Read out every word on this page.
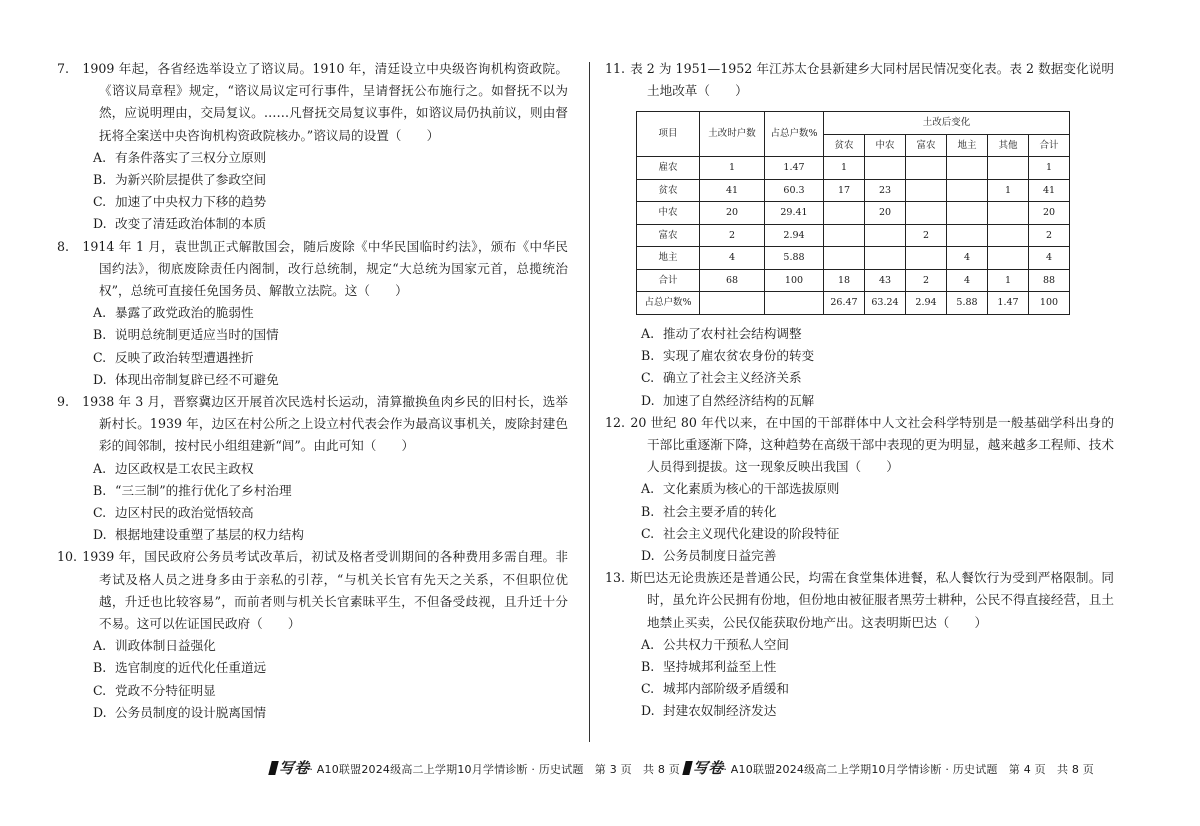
7. 1909 年起，各省经选举设立了谘议局。1910 年，清廷设立中央级咨询机构资政院。《谘议局章程》规定，“谘议局议定可行事件，呈请督抚公布施行之。如督抚不以为然，应说明理由，交局复议。……凡督抚交局复议事件，如谘议局仍执前议，则由督抚将全案送中央咨询机构资政院核办。”谘议局的设置（　　）

A. 有条件落实了三权分立原则

B. 为新兴阶层提供了参政空间

C. 加速了中央权力下移的趋势

D. 改变了清廷政治体制的本质

8. 1914 年 1 月，袁世凯正式解散国会，随后废除《中华民国临时约法》，颁布《中华民国约法》，彻底废除责任内阁制，改行总统制，规定“大总统为国家元首，总揽统治权”，总统可直接任免国务员、解散立法院。这（　　）

A. 暴露了政党政治的脆弱性

B. 说明总统制更适应当时的国情

C. 反映了政治转型遭遇挫折

D. 体现出帝制复辟已经不可避免

9. 1938 年 3 月，晋察冀边区开展首次民选村长运动，清算撤换鱼肉乡民的旧村长，选举新村长。1939 年，边区在村公所之上设立村代表会作为最高议事机关，废除封建色彩的闾邻制，按村民小组组建新“闾”。由此可知（　　）

A. 边区政权是工农民主政权

B. “三三制”的推行优化了乡村治理

C. 边区村民的政治觉悟较高

D. 根据地建设重塑了基层的权力结构

10. 1939 年，国民政府公务员考试改革后，初试及格者受训期间的各种费用多需自理。非考试及格人员之进身多由于亲私的引荐，“与机关长官有先天之关系，不但职位优越，升迁也比较容易”，而前者则与机关长官素昧平生，不但备受歧视，且升迁十分不易。这可以佐证国民政府（　　）

A. 训政体制日益强化

B. 选官制度的近代化任重道远

C. 党政不分特征明显

D. 公务员制度的设计脱离国情

11. 表 2 为 1951—1952 年江苏太仓县新建乡大同村居民情况变化表。表 2 数据变化说明土地改革（　　）

项目	土改时户数	占总户数%	土改后变化					
			贫农	中农	富农	地主	其他	合计
雇农	1	1.47	1					1
贫农	41	60.3	17	23			1	41
中农	20	29.41		20				20
富农	2	2.94			2			2
地主	4	5.88				4		4
合计	68	100	18	43	2	4	1	88
占总户数%			26.47	63.24	2.94	5.88	1.47	100

A. 推动了农村社会结构调整

B. 实现了雇农贫农身份的转变

C. 确立了社会主义经济关系

D. 加速了自然经济结构的瓦解

12. 20 世纪 80 年代以来，在中国的干部群体中人文社会科学特别是一般基础学科出身的干部比重逐渐下降，这种趋势在高级干部中表现的更为明显，越来越多工程师、技术人员得到提拔。这一现象反映出我国（　　）

A. 文化素质为核心的干部选拔原则

B. 社会主要矛盾的转化

C. 社会主义现代化建设的阶段特征

D. 公务员制度日益完善

13. 斯巴达无论贵族还是普通公民，均需在食堂集体进餐，私人餐饮行为受到严格限制。同时，虽允许公民拥有份地，但份地由被征服者黑劳士耕种，公民不得直接经营，且土地禁止买卖，公民仅能获取份地产出。这表明斯巴达（　　）

A. 公共权力干预私人空间

B. 坚持城邦利益至上性

C. 城邦内部阶级矛盾缓和

D. 封建农奴制经济发达

写卷· A10联盟2024级高二上学期10月学情诊断 · 历史试题　第 3 页　共 8 页 写卷· A10联盟2024级高二上学期10月学情诊断 · 历史试题　第 4 页　共 8 页
